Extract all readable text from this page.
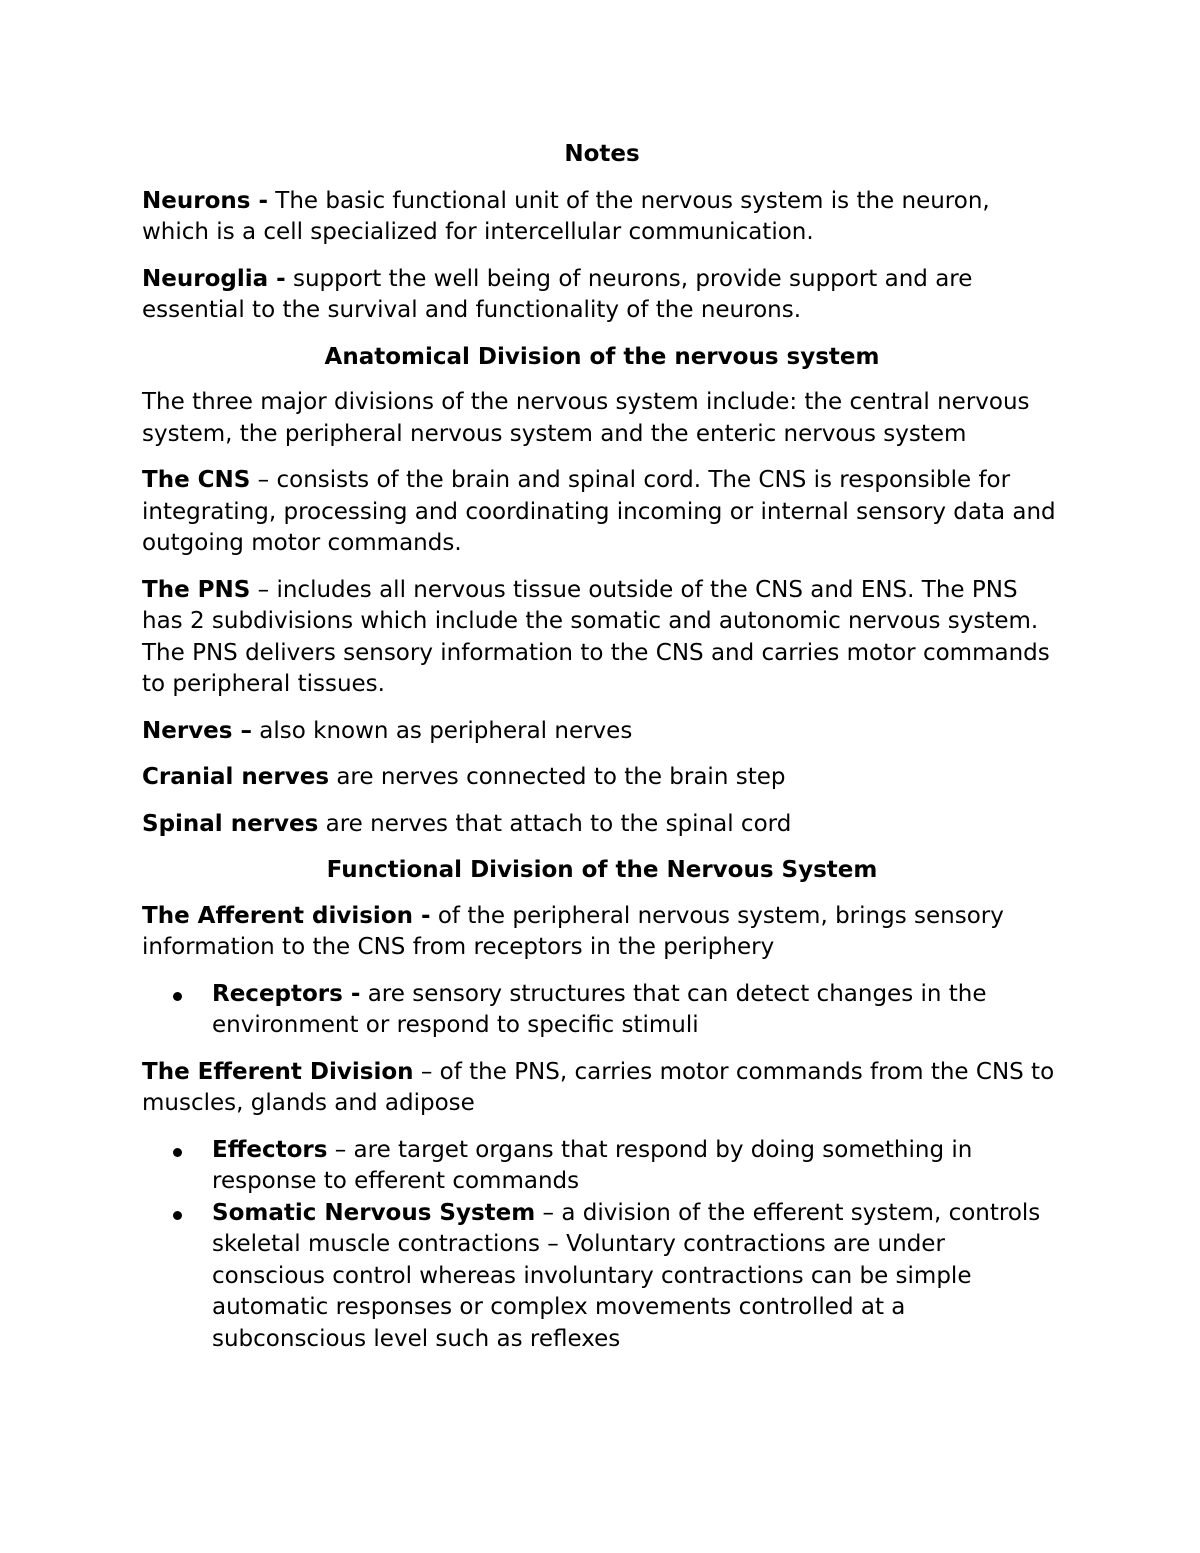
Notes

Neurons - The basic functional unit of the nervous system is the neuron, which is a cell specialized for intercellular communication.

Neuroglia - support the well being of neurons, provide support and are essential to the survival and functionality of the neurons.

Anatomical Division of the nervous system

The three major divisions of the nervous system include: the central nervous system, the peripheral nervous system and the enteric nervous system

The CNS – consists of the brain and spinal cord. The CNS is responsible for integrating, processing and coordinating incoming or internal sensory data and outgoing motor commands.

The PNS – includes all nervous tissue outside of the CNS and ENS. The PNS has 2 subdivisions which include the somatic and autonomic nervous system. The PNS delivers sensory information to the CNS and carries motor commands to peripheral tissues.

Nerves – also known as peripheral nerves

Cranial nerves are nerves connected to the brain step

Spinal nerves are nerves that attach to the spinal cord

Functional Division of the Nervous System

The Afferent division - of the peripheral nervous system, brings sensory information to the CNS from receptors in the periphery

Receptors - are sensory structures that can detect changes in the environment or respond to specific stimuli

The Efferent Division – of the PNS, carries motor commands from the CNS to muscles, glands and adipose

Effectors – are target organs that respond by doing something in response to efferent commands
Somatic Nervous System – a division of the efferent system, controls skeletal muscle contractions – Voluntary contractions are under conscious control whereas involuntary contractions can be simple automatic responses or complex movements controlled at a subconscious level such as reflexes
